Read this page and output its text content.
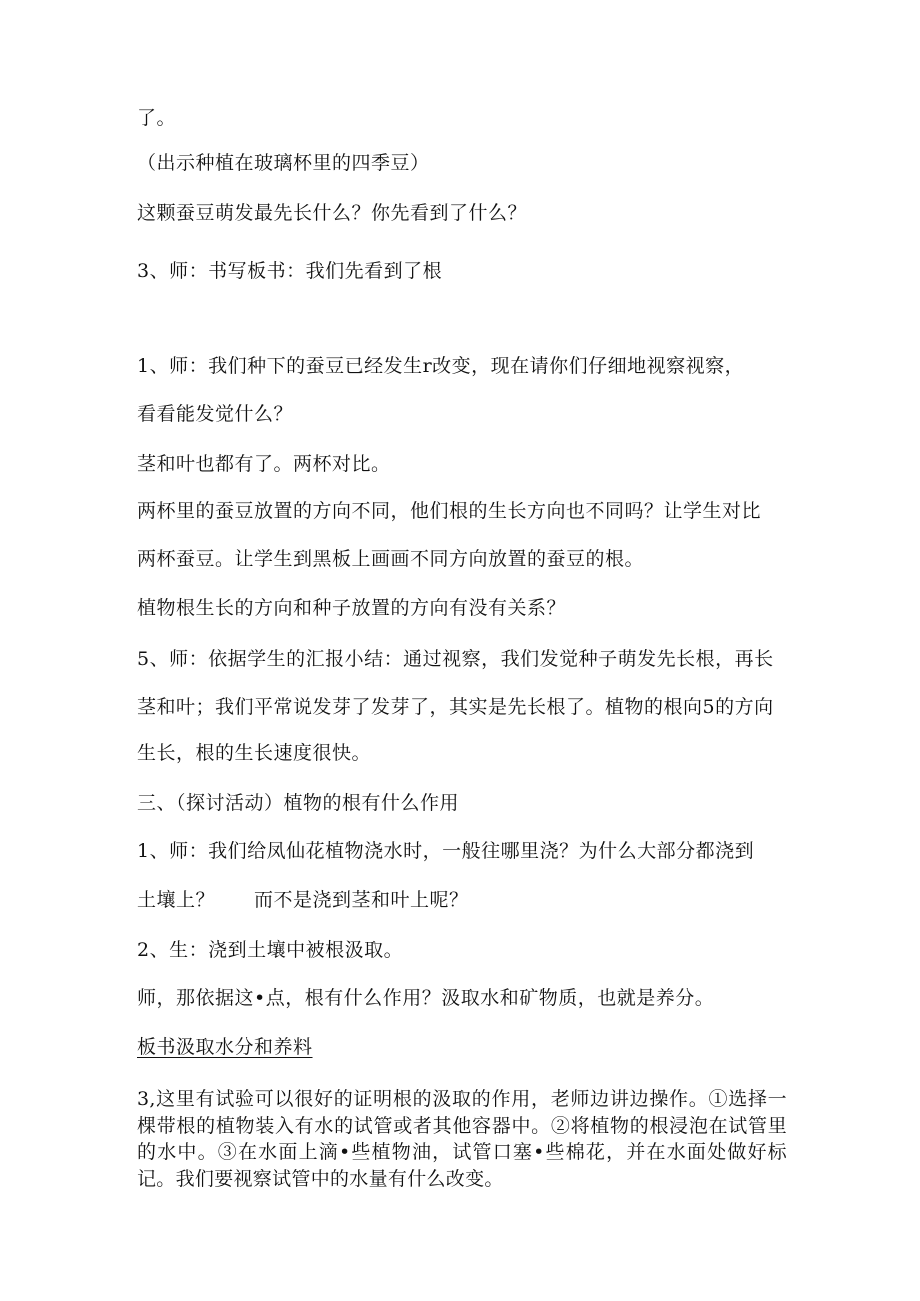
了。
（出示种植在玻璃杯里的四季豆）
这颗蚕豆萌发最先长什么？你先看到了什么？
3、师：书写板书：我们先看到了根
1、师：我们种下的蚕豆已经发生r改变，现在请你们仔细地视察视察，
看看能发觉什么？
茎和叶也都有了。两杯对比。
两杯里的蚕豆放置的方向不同，他们根的生长方向也不同吗？让学生对比
两杯蚕豆。让学生到黑板上画画不同方向放置的蚕豆的根。
植物根生长的方向和种子放置的方向有没有关系？
5、师：依据学生的汇报小结：通过视察，我们发觉种子萌发先长根，再长
茎和叶；我们平常说发芽了发芽了，其实是先长根了。植物的根向5的方向
生长，根的生长速度很快。
三、（探讨活动）植物的根有什么作用
1、师：我们给凤仙花植物浇水时，一般往哪里浇？为什么大部分都浇到
土壤上？　　而不是浇到茎和叶上呢？
2、生：浇到土壤中被根汲取。
师，那依据这•点，根有什么作用？汲取水和矿物质，也就是养分。
板书汲取水分和养料
3,这里有试验可以很好的证明根的汲取的作用，老师边讲边操作。①选择一棵带根的植物装入有水的试管或者其他容器中。②将植物的根浸泡在试管里的水中。③在水面上滴•些植物油，试管口塞•些棉花，并在水面处做好标记。我们要视察试管中的水量有什么改变。
